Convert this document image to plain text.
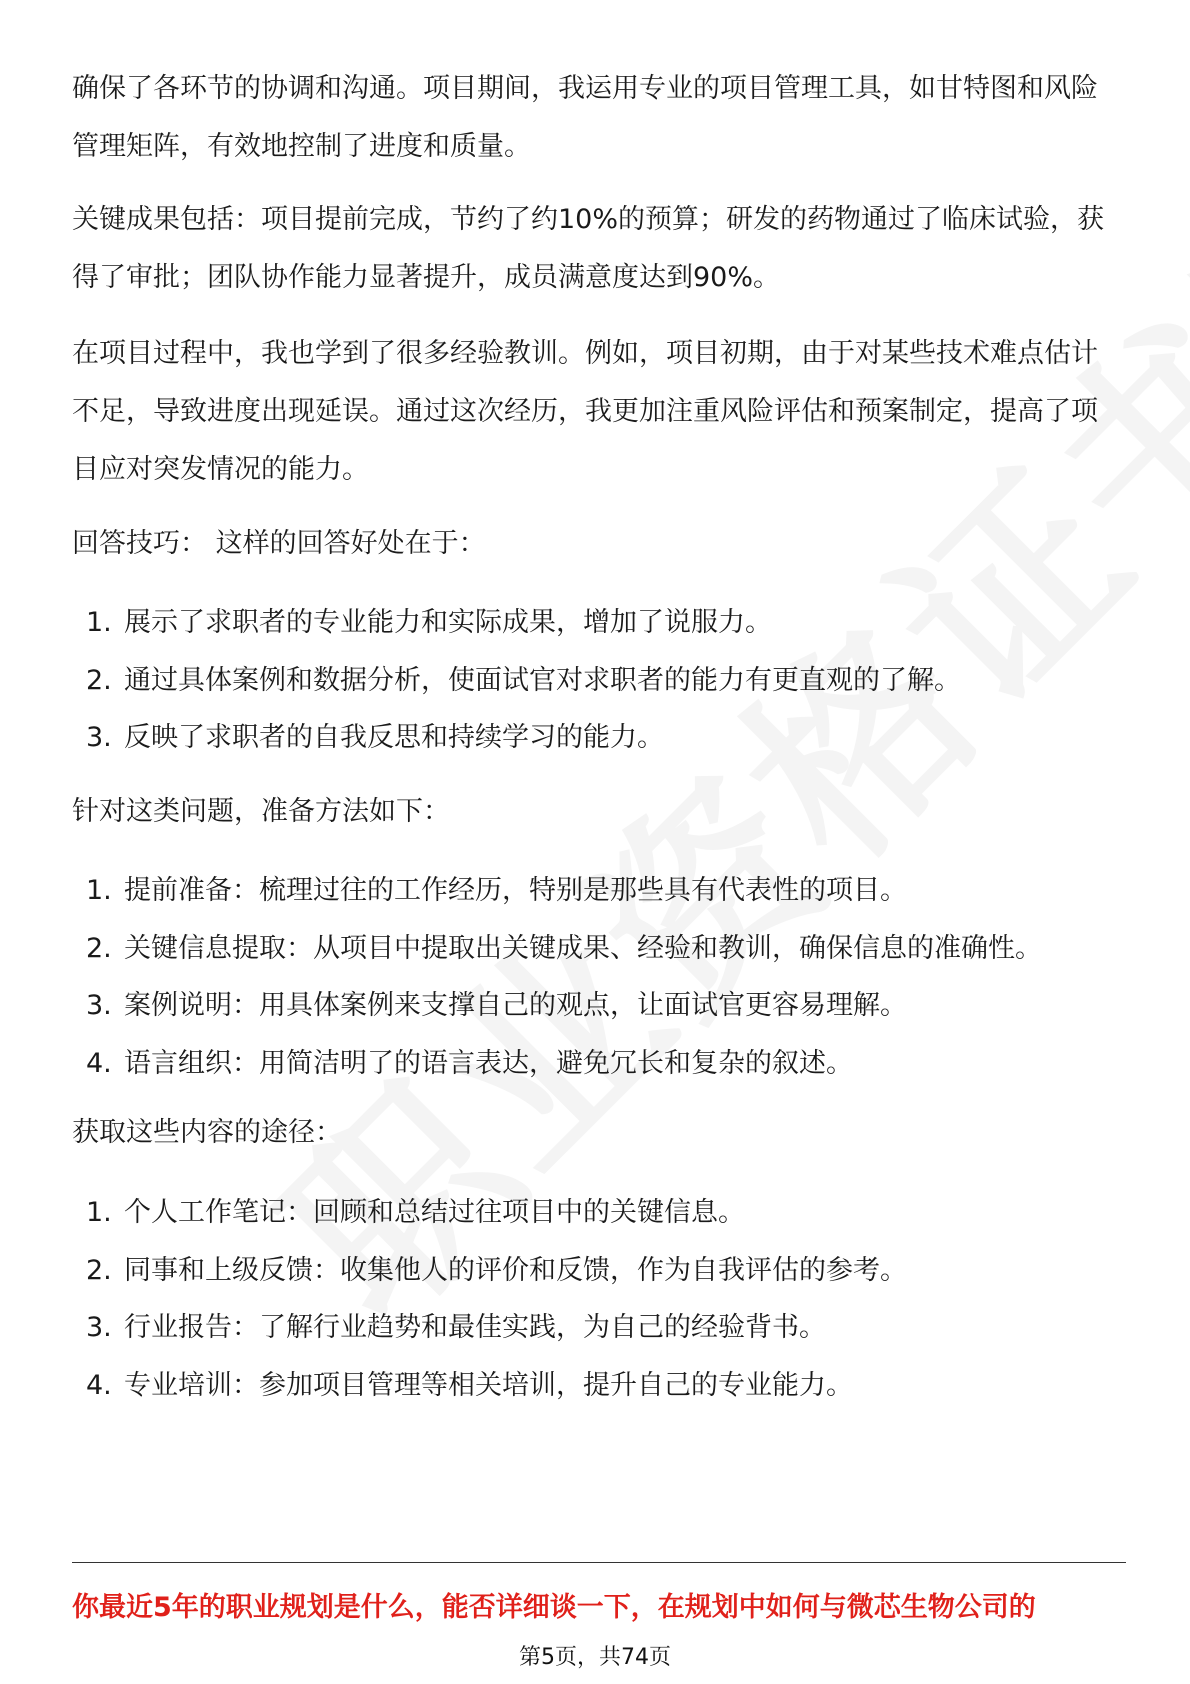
确保了各环节的协调和沟通。项目期间，我运用专业的项目管理工具，如甘特图和风险管理矩阵，有效地控制了进度和质量。

关键成果包括：项目提前完成，节约了约10%的预算；研发的药物通过了临床试验，获得了审批；团队协作能力显著提升，成员满意度达到90%。

在项目过程中，我也学到了很多经验教训。例如，项目初期，由于对某些技术难点估计不足，导致进度出现延误。通过这次经历，我更加注重风险评估和预案制定，提高了项目应对突发情况的能力。

回答技巧： 这样的回答好处在于：

1. 展示了求职者的专业能力和实际成果，增加了说服力。
2. 通过具体案例和数据分析，使面试官对求职者的能力有更直观的了解。
3. 反映了求职者的自我反思和持续学习的能力。

针对这类问题，准备方法如下：

1. 提前准备：梳理过往的工作经历，特别是那些具有代表性的项目。
2. 关键信息提取：从项目中提取出关键成果、经验和教训，确保信息的准确性。
3. 案例说明：用具体案例来支撑自己的观点，让面试官更容易理解。
4. 语言组织：用简洁明了的语言表达，避免冗长和复杂的叙述。

获取这些内容的途径：

1. 个人工作笔记：回顾和总结过往项目中的关键信息。
2. 同事和上级反馈：收集他人的评价和反馈，作为自我评估的参考。
3. 行业报告：了解行业趋势和最佳实践，为自己的经验背书。
4. 专业培训：参加项目管理等相关培训，提升自己的专业能力。
你最近5年的职业规划是什么，能否详细谈一下，在规划中如何与微芯生物公司的
第5页，共74页
